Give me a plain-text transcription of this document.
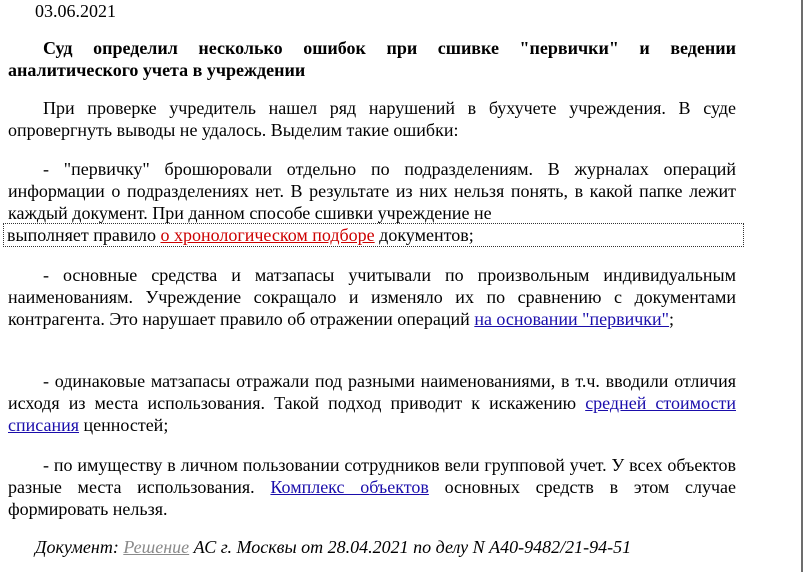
03.06.2021

Суд определил несколько ошибок при сшивке "первички" и ведении аналитического учета в учреждении

При проверке учредитель нашел ряд нарушений в бухучете учреждения. В суде опровергнуть выводы не удалось. Выделим такие ошибки:

- "первичку" брошюровали отдельно по подразделениям. В журналах операций информации о подразделениях нет. В результате из них нельзя понять, в какой папке лежит каждый документ. При данном способе сшивки учреждение не

выполняет правило о хронологическом подборе документов;

- основные средства и матзапасы учитывали по произвольным индивидуальным наименованиям. Учреждение сокращало и изменяло их по сравнению с документами контрагента. Это нарушает правило об отражении операций на основании "первички";

- одинаковые матзапасы отражали под разными наименованиями, в т.ч. вводили отличия исходя из места использования. Такой подход приводит к искажению средней стоимости списания ценностей;

- по имуществу в личном пользовании сотрудников вели групповой учет. У всех объектов разные места использования. Комплекс объектов основных средств в этом случае формировать нельзя.

Документ: Решение АС г. Москвы от 28.04.2021 по делу N А40-9482/21-94-51
